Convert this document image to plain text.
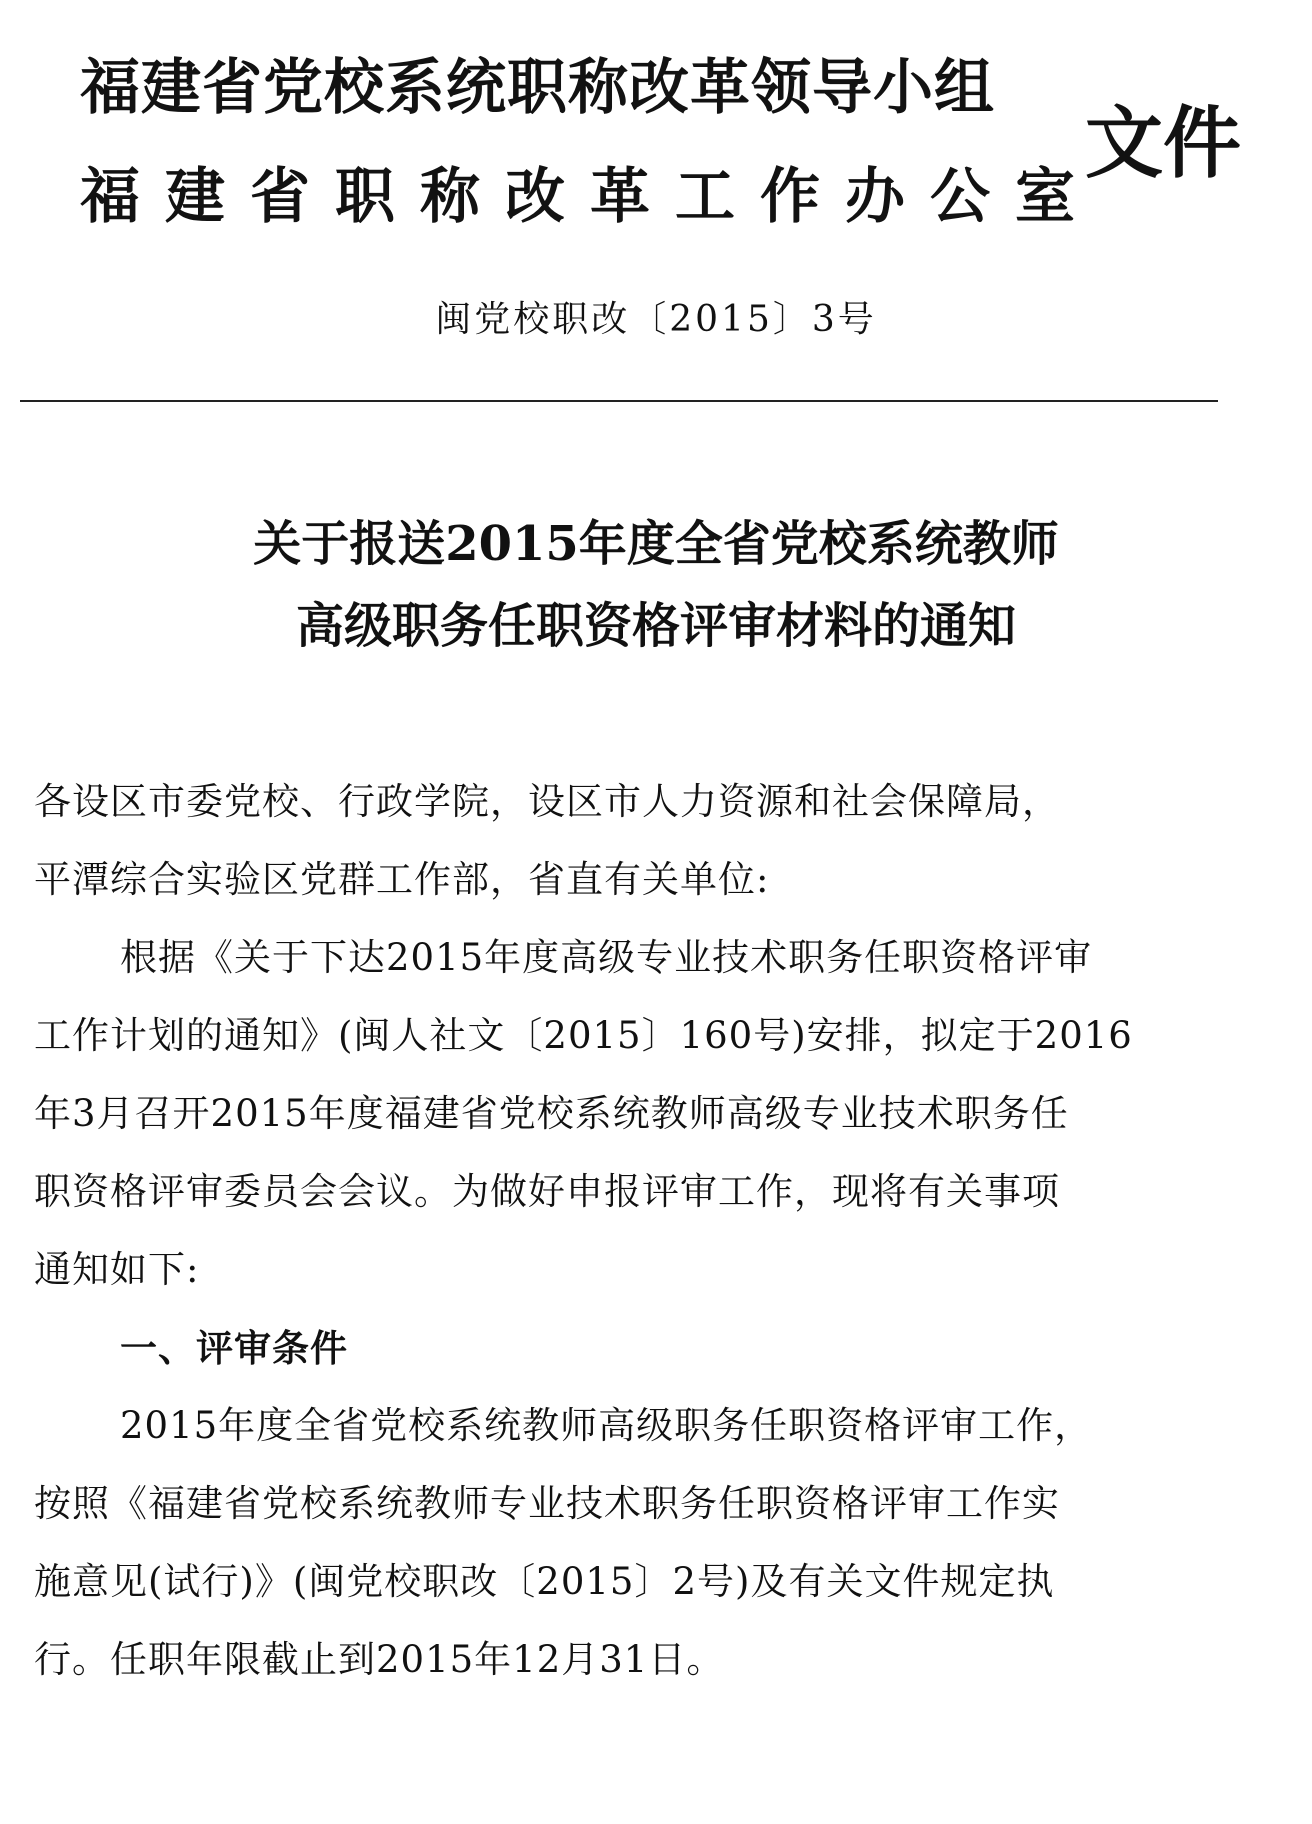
福建省党校系统职称改革领导小组
福建省职称改革工作办公室
文件
闽党校职改〔2015〕3号
关于报送2015年度全省党校系统教师
高级职务任职资格评审材料的通知
各设区市委党校、行政学院，设区市人力资源和社会保障局，
平潭综合实验区党群工作部，省直有关单位:
根据《关于下达2015年度高级专业技术职务任职资格评审
工作计划的通知》(闽人社文〔2015〕160号)安排，拟定于2016
年3月召开2015年度福建省党校系统教师高级专业技术职务任
职资格评审委员会会议。为做好申报评审工作，现将有关事项
通知如下:
一、评审条件
2015年度全省党校系统教师高级职务任职资格评审工作，
按照《福建省党校系统教师专业技术职务任职资格评审工作实
施意见(试行)》(闽党校职改〔2015〕2号)及有关文件规定执
行。任职年限截止到2015年12月31日。
